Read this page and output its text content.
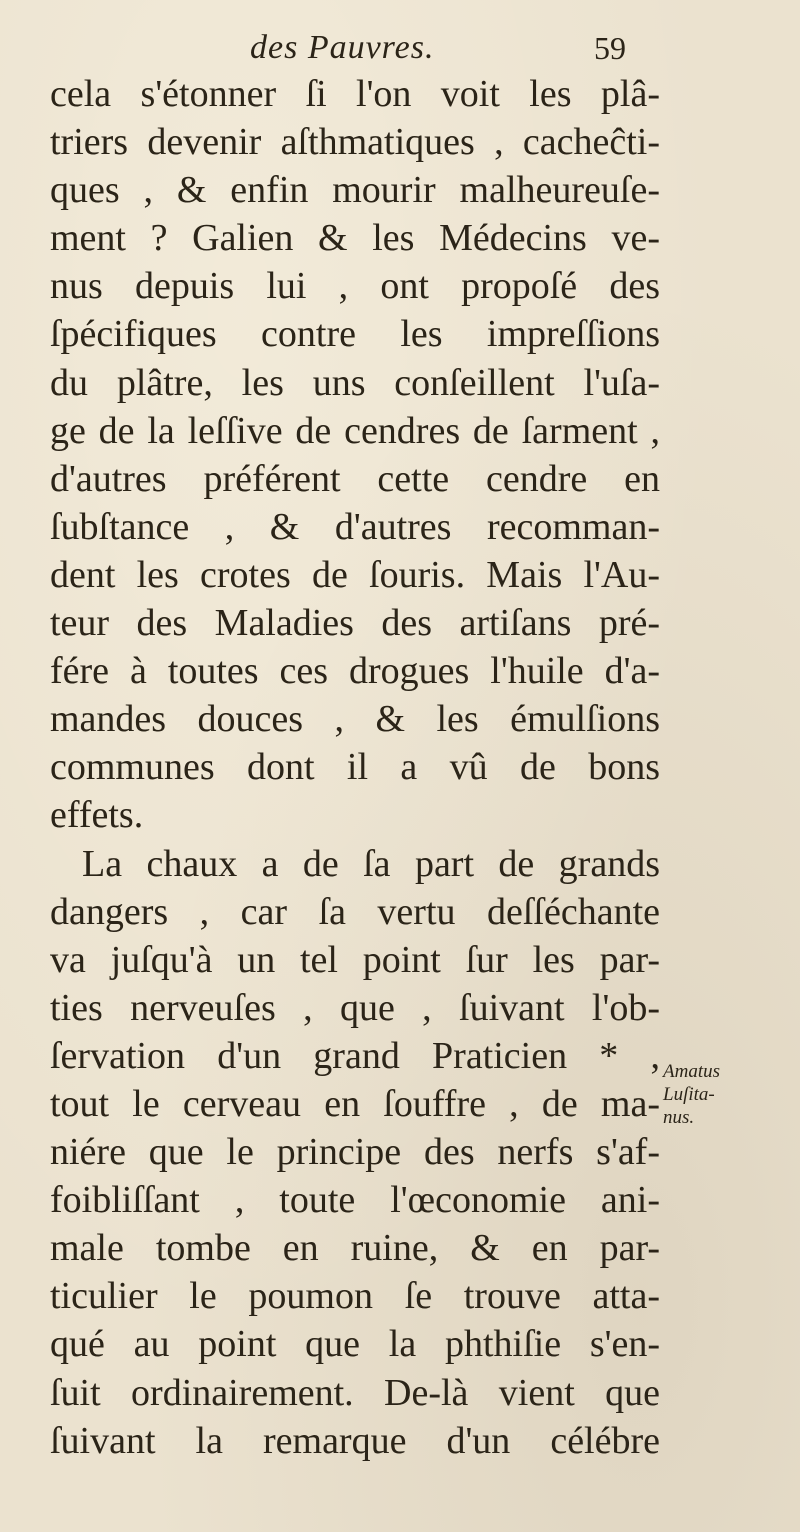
des Pauvres.	59
cela s'étonner ſi l'on voit les plâ-
triers devenir aſthmatiques , cacheĉti-
ques , & enfin mourir malheureuſe-
ment ? Galien & les Médecins ve-
nus depuis lui , ont propoſé des
ſpécifiques contre les impreſſions
du plâtre, les uns conſeillent l'uſa-
ge de la leſſive de cendres de ſarment ,
d'autres préférent cette cendre en
ſubſtance , & d'autres recomman-
dent les crotes de ſouris. Mais l'Au-
teur des Maladies des artiſans pré-
fére à toutes ces drogues l'huile d'a-
mandes douces , & les émulſions
communes dont il a vû de bons
effets.
La chaux a de ſa part de grands
dangers , car ſa vertu deſſéchante
va juſqu'à un tel point ſur les par-
ties nerveuſes , que , ſuivant l'ob-
ſervation d'un grand Praticien * ,
tout le cerveau en ſouffre , de ma-
niére que le principe des nerfs s'af-
foibliſſant , toute l'œconomie ani-
male tombe en ruine, & en par-
ticulier le poumon ſe trouve atta-
qué au point que la phthiſie s'en-
ſuit ordinairement. De-là vient que
ſuivant la remarque d'un célébre
Amatus
Luſita-
nus.
